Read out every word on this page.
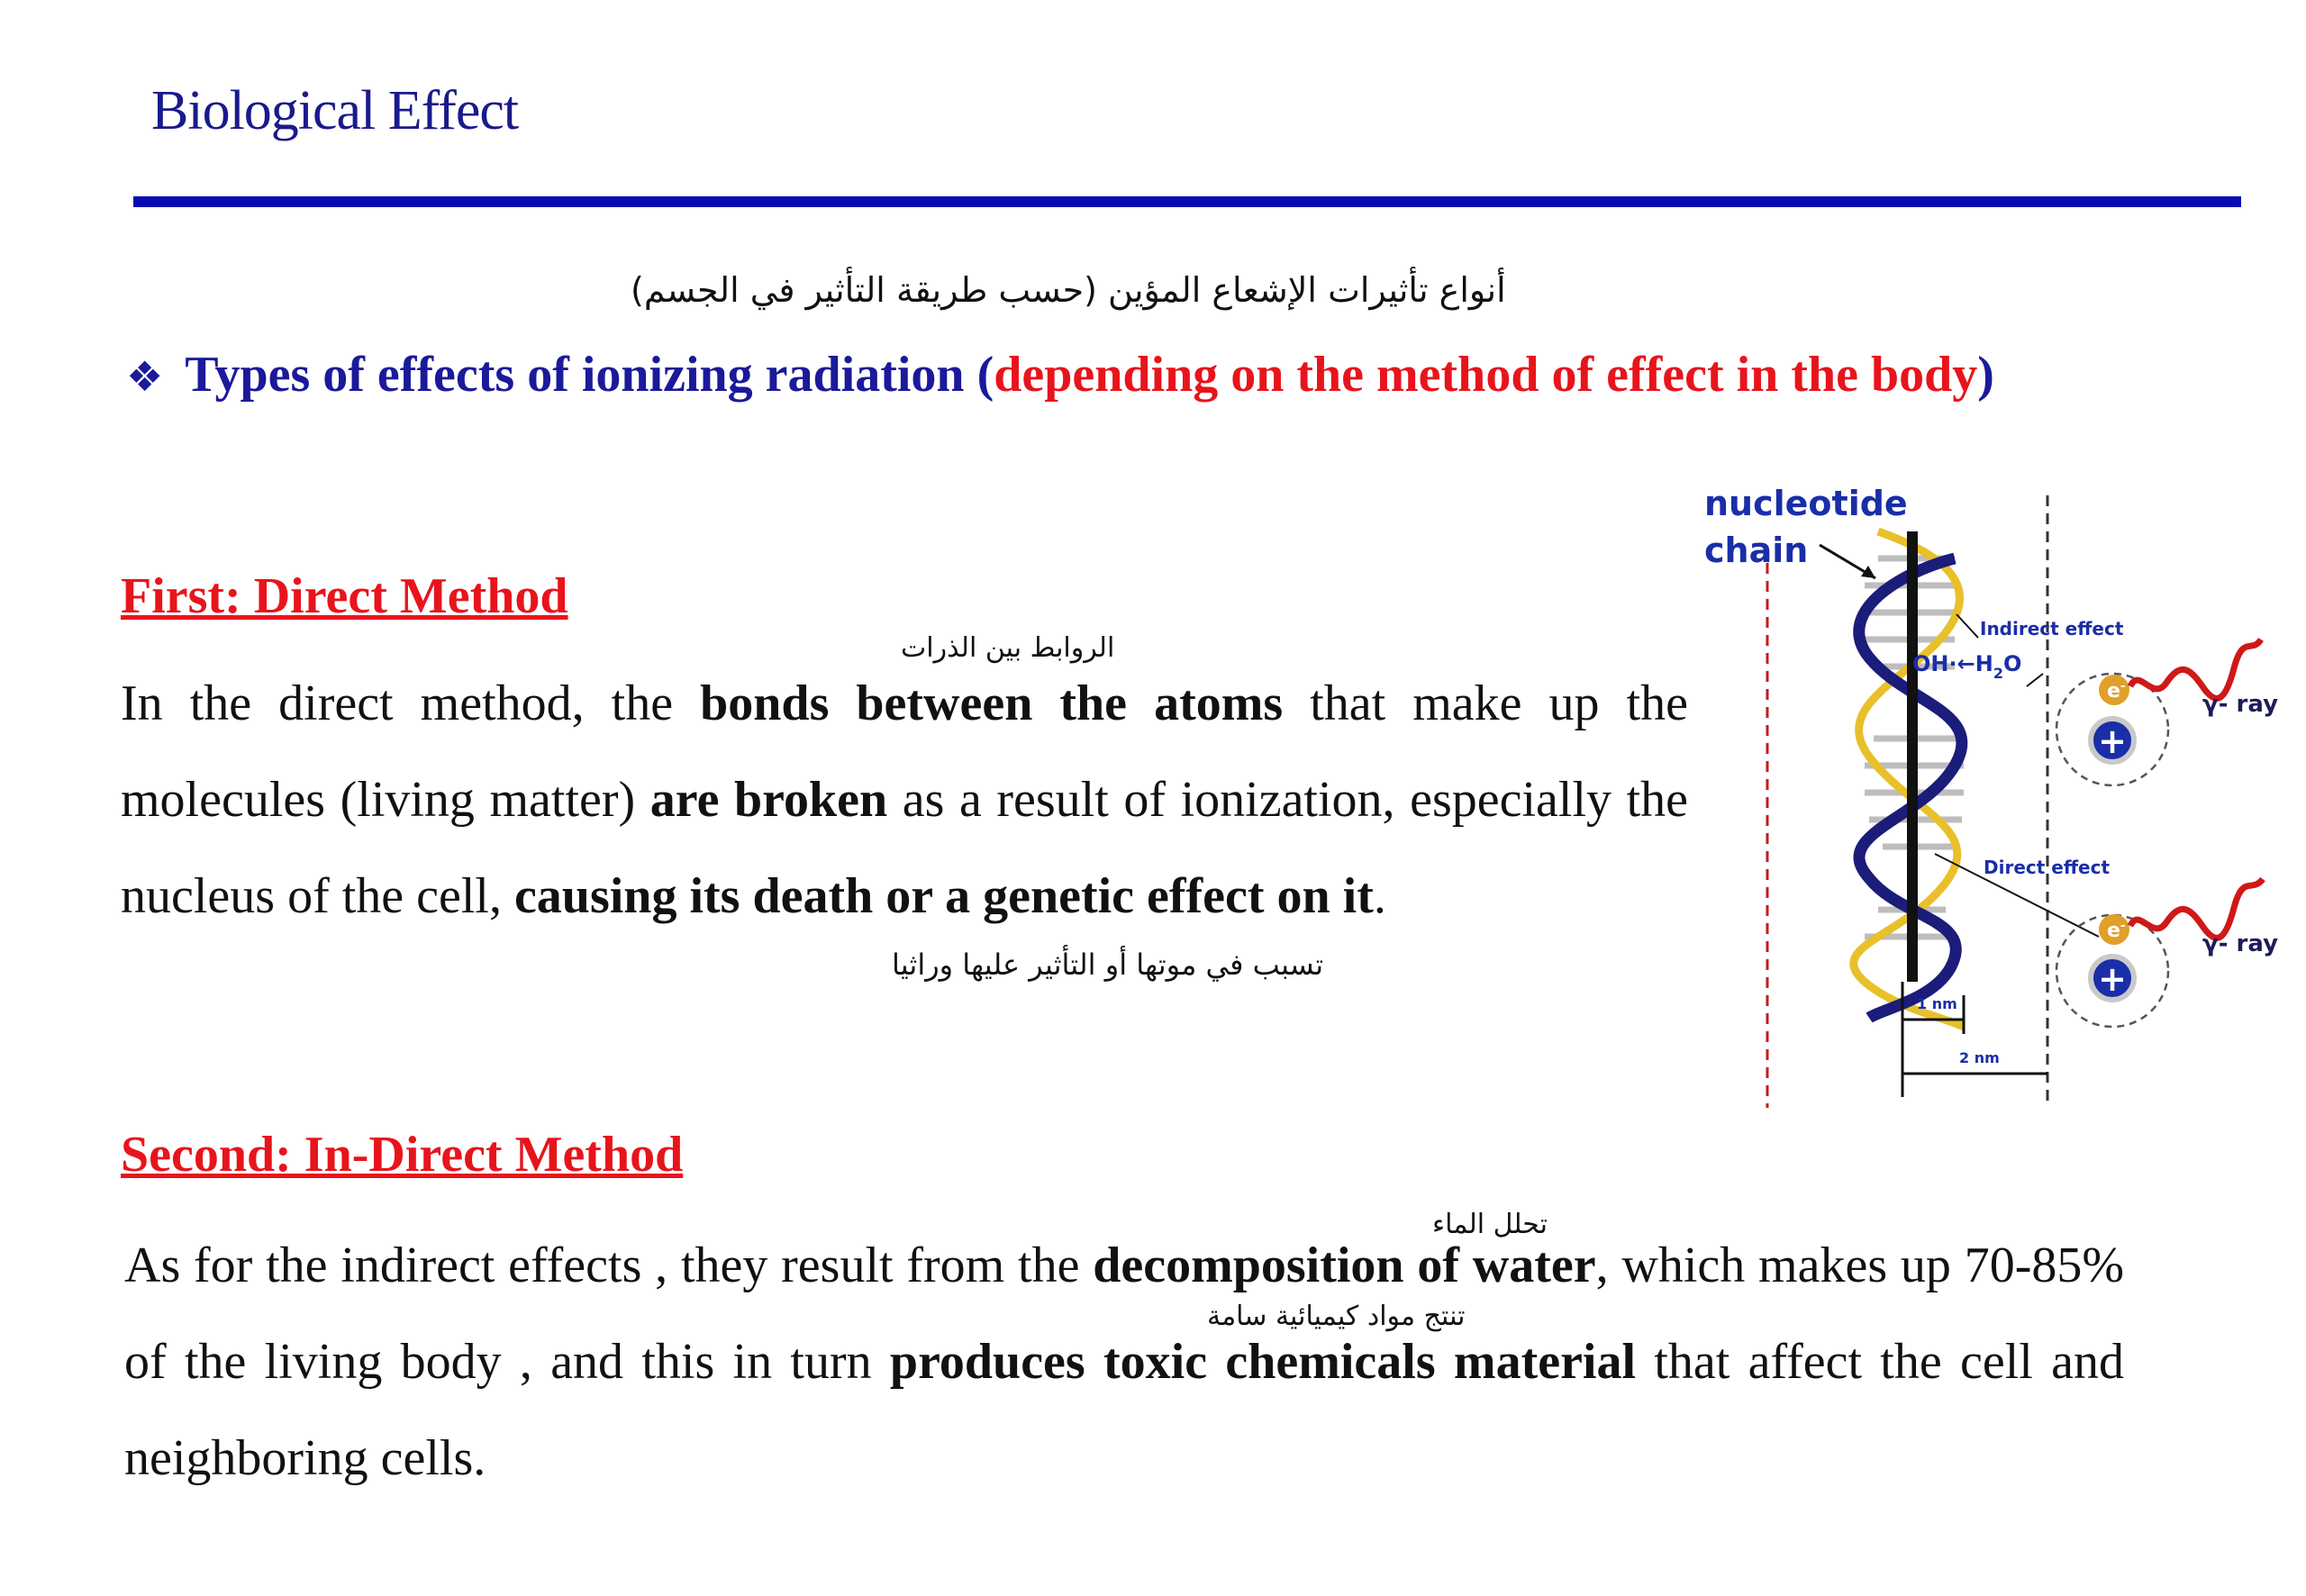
Biological Effect
أنواع تأثيرات الإشعاع المؤين (حسب طريقة التأثير في الجسم)
❖ Types of effects of ionizing radiation (depending on the method of effect in the body)
First: Direct Method
الروابط بين الذرات
In the direct method, the bonds between the atoms that make up the molecules (living matter) are broken as a result of ionization, especially the nucleus of the cell, causing its death or a genetic effect on it.
تسبب في موتها أو التأثير عليها وراثيا
Second: In-Direct Method
تحلل الماء
تنتج مواد كيميائية سامة
As for the indirect effects , they result from the decomposition of water, which makes up 70-85% of the living body , and this in turn produces toxic chemicals material that affect the cell and neighboring cells.
nucleotide
chain
Indirect effect
$OH\cdot\leftarrow H_2O$
Direct effect
+
e-
γ- ray
+
e-
γ- ray
1 nm
2 nm
